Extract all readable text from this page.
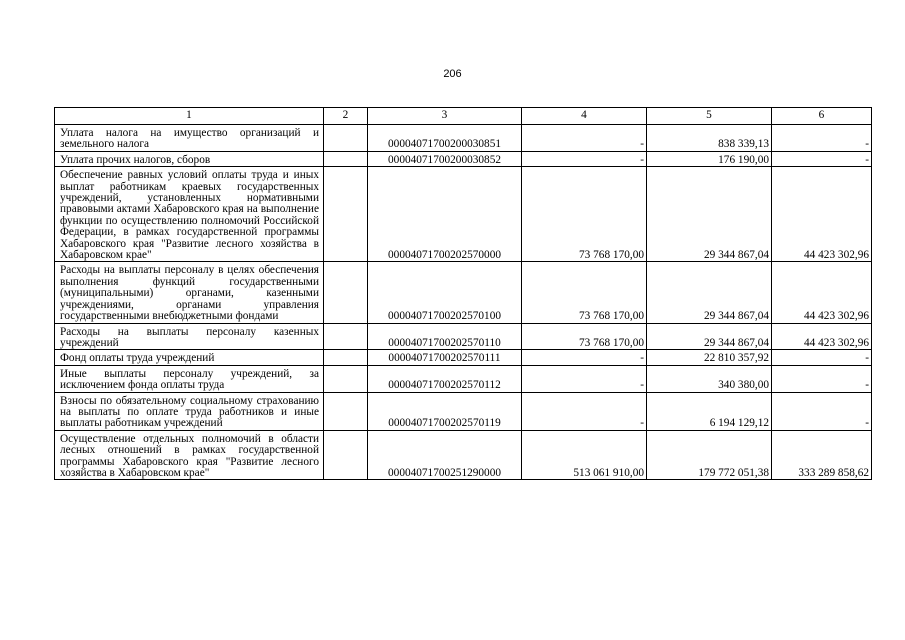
206
1	2	3	4	5	6
Уплата налога на имущество организаций и земельного налога		00004071700200030851	-	838 339,13	-
Уплата прочих налогов, сборов		00004071700200030852	-	176 190,00	-
Обеспечение равных условий оплаты труда и иных выплат работникам краевых государственных учреждений, установленных нормативными правовыми актами Хабаровского края на выполнение функции по осуществлению полномочий Российской Федерации, в рамках государственной программы Хабаровского края "Развитие лесного хозяйства в Хабаровском крае"		00004071700202570000	73 768 170,00	29 344 867,04	44 423 302,96
Расходы на выплаты персоналу в целях обеспечения выполнения функций государственными (муниципальными) органами, казенными учреждениями, органами управления государственными внебюджетными фондами		00004071700202570100	73 768 170,00	29 344 867,04	44 423 302,96
Расходы на выплаты персоналу казенных учреждений		00004071700202570110	73 768 170,00	29 344 867,04	44 423 302,96
Фонд оплаты труда учреждений		00004071700202570111	-	22 810 357,92	-
Иные выплаты персоналу учреждений, за исключением фонда оплаты труда		00004071700202570112	-	340 380,00	-
Взносы по обязательному социальному страхованию на выплаты по оплате труда работников и иные выплаты работникам учреждений		00004071700202570119	-	6 194 129,12	-
Осуществление отдельных полномочий в области лесных отношений в рамках государственной программы Хабаровского края "Развитие лесного хозяйства в Хабаровском крае"		00004071700251290000	513 061 910,00	179 772 051,38	333 289 858,62
